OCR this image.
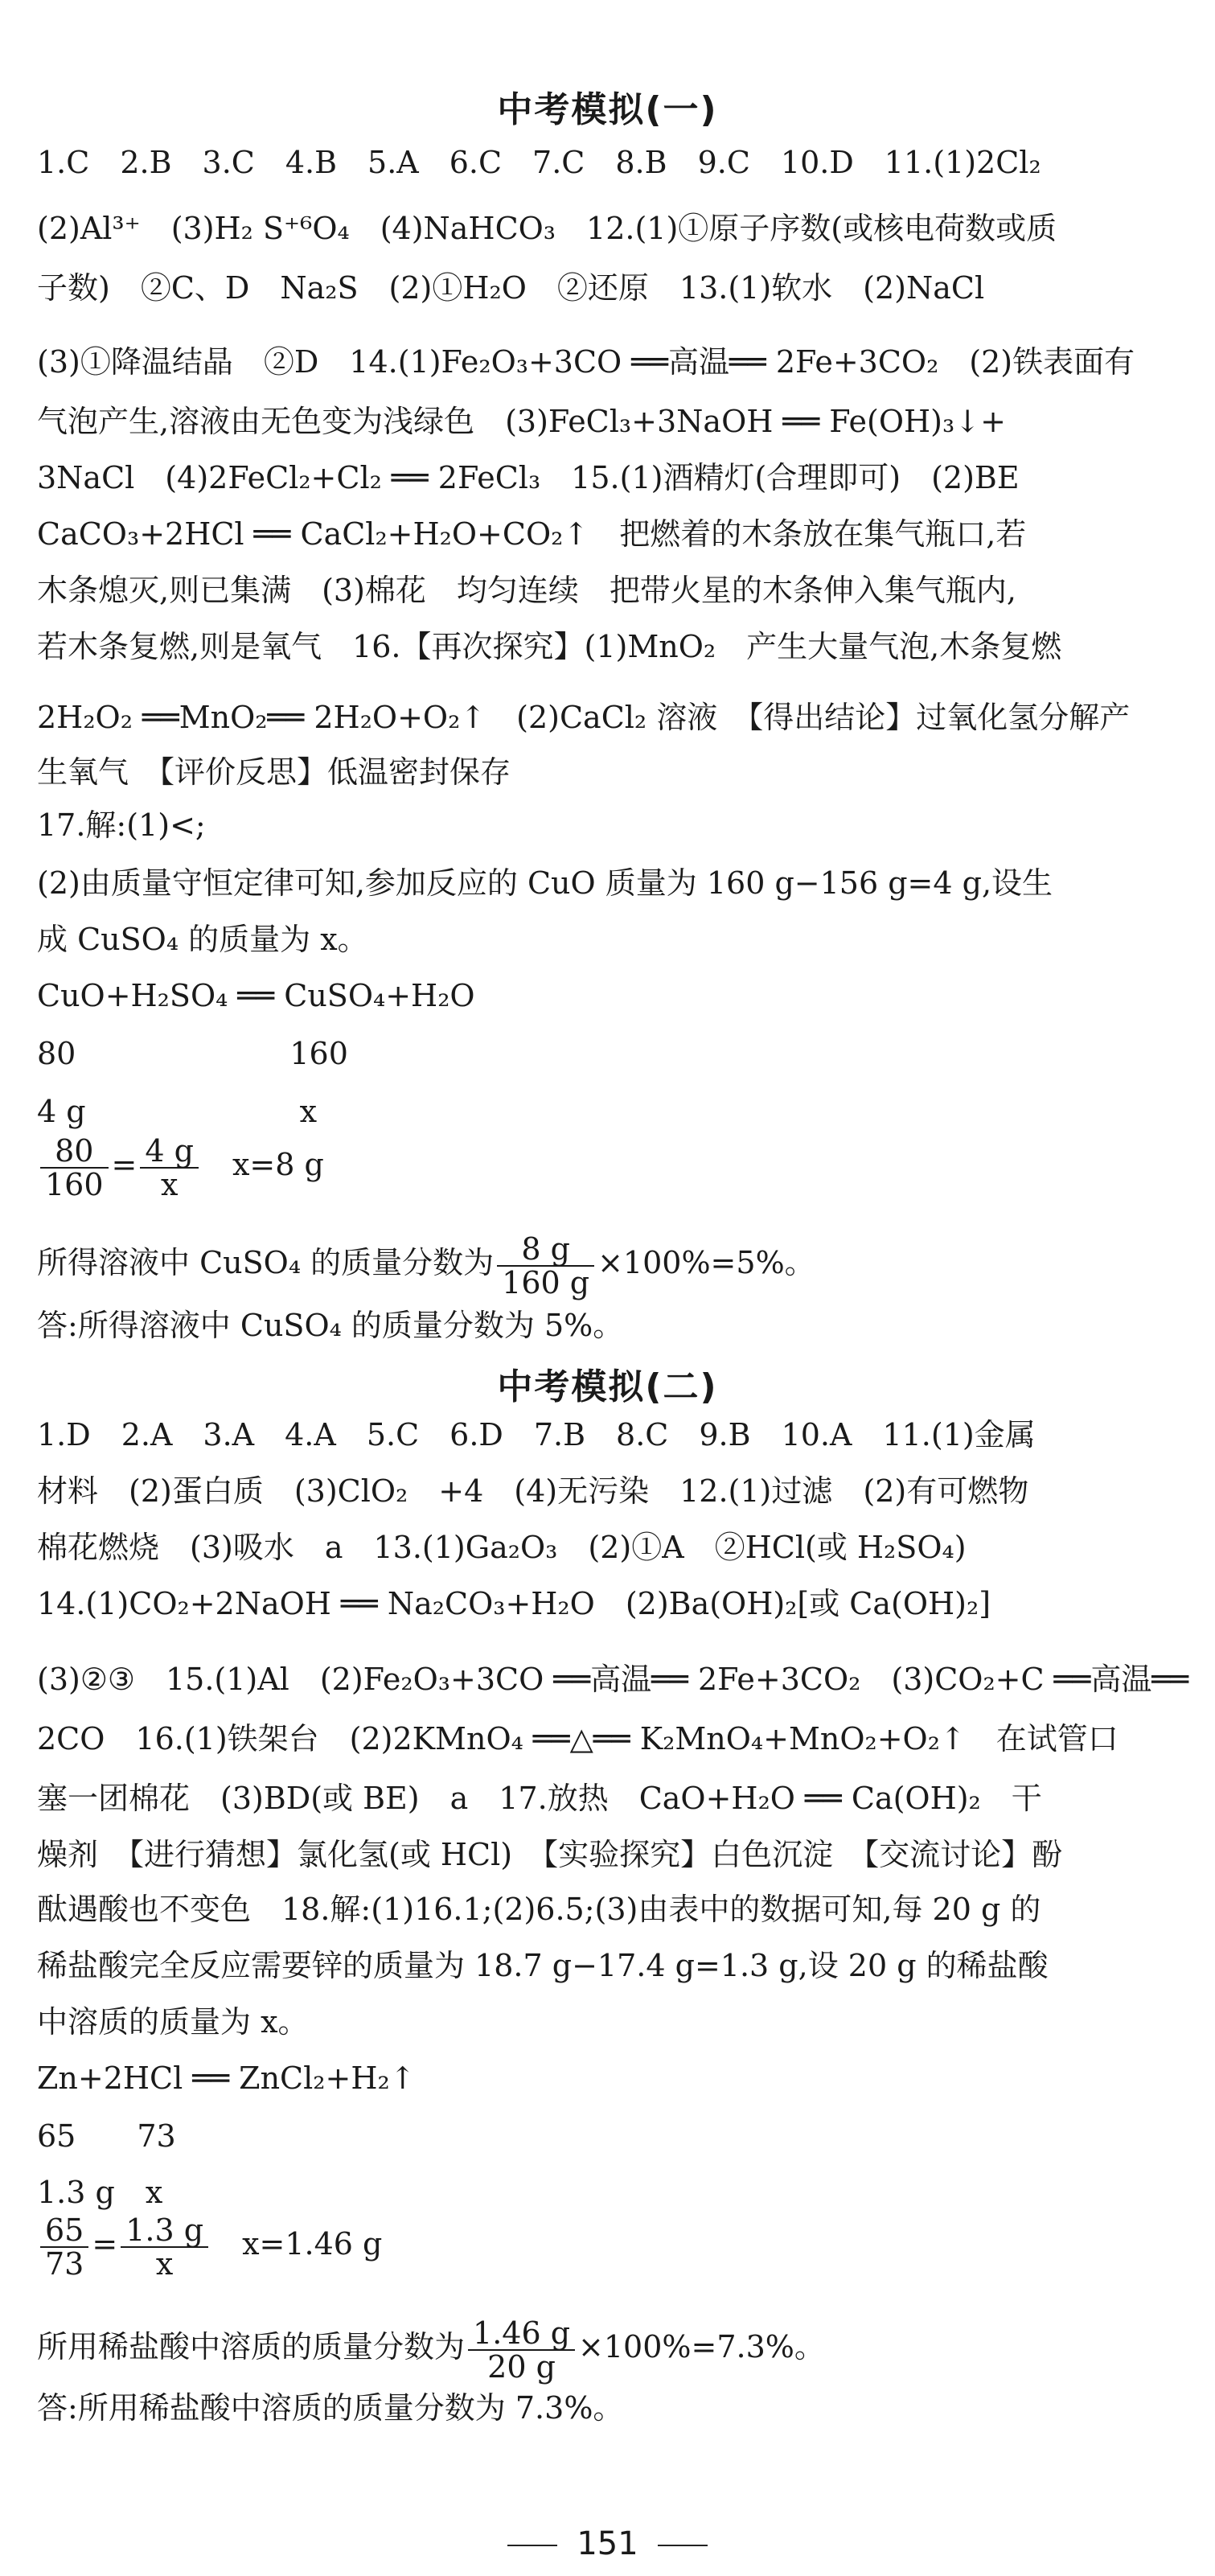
中考模拟(一)
1.C　2.B　3.C　4.B　5.A　6.C　7.C　8.B　9.C　10.D　11.(1)2Cl₂
(2)Al³⁺　(3)H₂ S⁺⁶O₄　(4)NaHCO₃　12.(1)①原子序数(或核电荷数或质
子数)　②C、D　Na₂S　(2)①H₂O　②还原　13.(1)软水　(2)NaCl
(3)①降温结晶　②D　14.(1)Fe₂O₃+3CO ══高温══ 2Fe+3CO₂　(2)铁表面有
气泡产生,溶液由无色变为浅绿色　(3)FeCl₃+3NaOH ══ Fe(OH)₃↓+
3NaCl　(4)2FeCl₂+Cl₂ ══ 2FeCl₃　15.(1)酒精灯(合理即可)　(2)BE
CaCO₃+2HCl ══ CaCl₂+H₂O+CO₂↑　把燃着的木条放在集气瓶口,若
木条熄灭,则已集满　(3)棉花　均匀连续　把带火星的木条伸入集气瓶内,
若木条复燃,则是氧气　16.【再次探究】(1)MnO₂　产生大量气泡,木条复燃
2H₂O₂ ══MnO₂══ 2H₂O+O₂↑　(2)CaCl₂ 溶液　【得出结论】过氧化氢分解产
生氧气　【评价反思】低温密封保存
17.解:(1)<;
(2)由质量守恒定律可知,参加反应的 CuO 质量为 160 g−156 g=4 g,设生
成 CuSO₄ 的质量为 x。
CuO+H₂SO₄ ══ CuSO₄+H₂O
80　　　　　　　160
4 g　　　　　　　x
$\frac{80}{160} = \frac{4 g}{x}$
　 x=8 g
所得溶液中 CuSO₄ 的质量分数为 $\frac{8 g}{160 g} \times 100\%=5\%$。
答:所得溶液中 CuSO₄ 的质量分数为 5%。
中考模拟(二)
1.D　2.A　3.A　4.A　5.C　6.D　7.B　8.C　9.B　10.A　11.(1)金属
材料　(2)蛋白质　(3)ClO₂　+4　(4)无污染　12.(1)过滤　(2)有可燃物
棉花燃烧　(3)吸水　a　13.(1)Ga₂O₃　(2)①A　②HCl(或 H₂SO₄)
14.(1)CO₂+2NaOH ══ Na₂CO₃+H₂O　(2)Ba(OH)₂[或 Ca(OH)₂]
(3)②③　15.(1)Al　(2)Fe₂O₃+3CO ══高温══ 2Fe+3CO₂　(3)CO₂+C ══高温══
2CO　16.(1)铁架台　(2)2KMnO₄ ══△══ K₂MnO₄+MnO₂+O₂↑　在试管口
塞一团棉花　(3)BD(或 BE)　a　17.放热　CaO+H₂O ══ Ca(OH)₂　干
燥剂　【进行猜想】氯化氢(或 HCl)　【实验探究】白色沉淀　【交流讨论】酚
酞遇酸也不变色　18.解:(1)16.1;(2)6.5;(3)由表中的数据可知,每 20 g 的
稀盐酸完全反应需要锌的质量为 18.7 g−17.4 g=1.3 g,设 20 g 的稀盐酸
中溶质的质量为 x。
Zn+2HCl ══ ZnCl₂+H₂↑
65　　73
1.3 g　x
$\frac{65}{73} = \frac{1.3 g}{x}$
　 x=1.46 g
所用稀盐酸中溶质的质量分数为 $\frac{1.46 g}{20 g} \times 100\%=7.3\%$。
答:所用稀盐酸中溶质的质量分数为 7.3%。
151
